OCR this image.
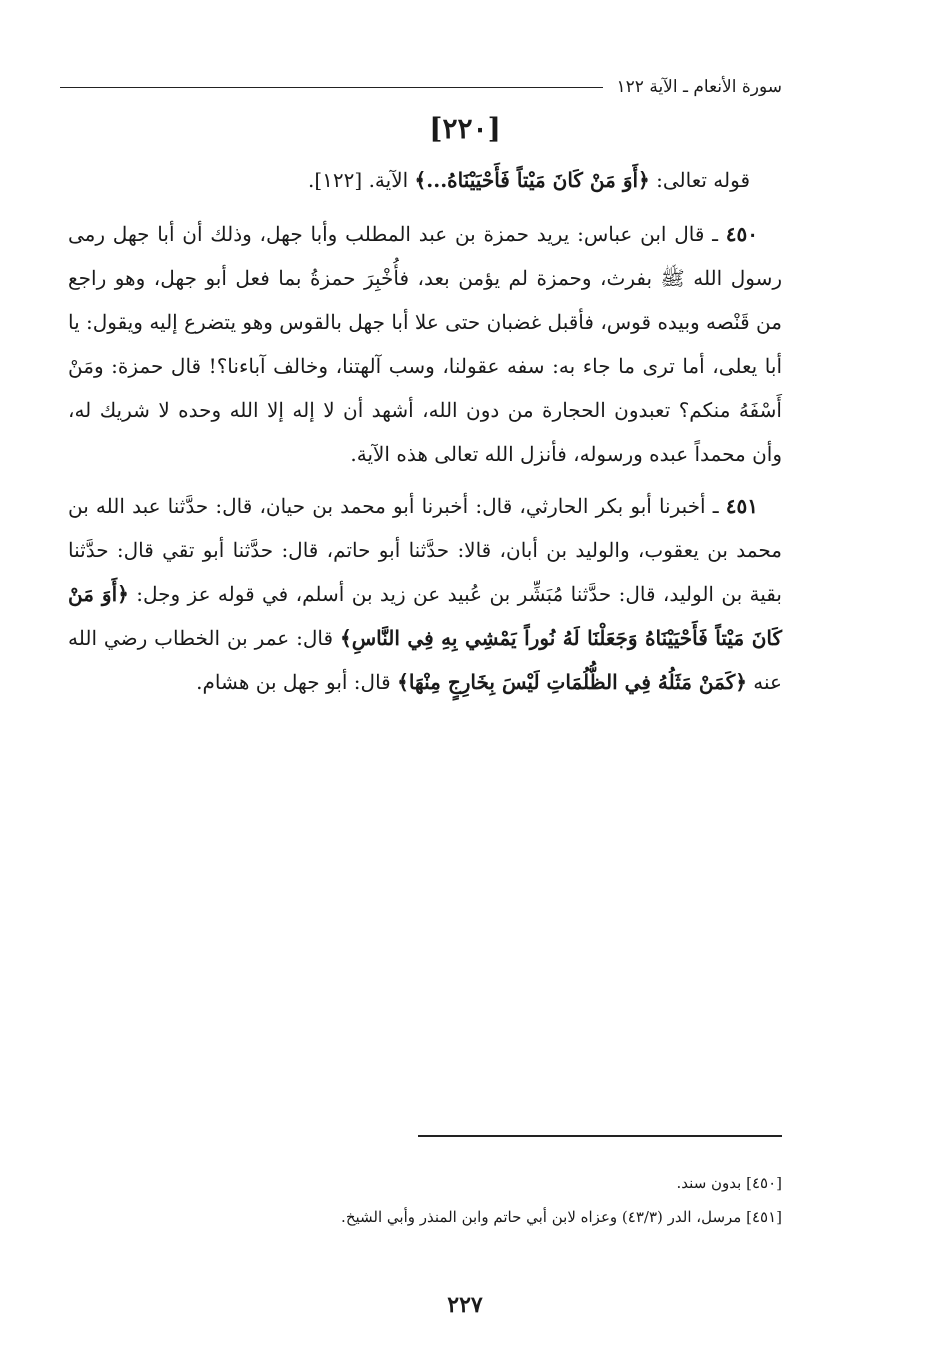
سورة الأنعام ـ الآية ١٢٢
[٢٢٠]

قوله تعالى: ﴿أَوَ مَنْ كَانَ مَيْتاً فَأَحْيَيْنَاهُ...﴾ الآية. [١٢٢].

٤٥٠ ـ قال ابن عباس: يريد حمزة بن عبد المطلب وأبا جهل، وذلك أن أبا جهل رمى رسول الله ﷺ بفرث، وحمزة لم يؤمن بعد، فأُخْبِرَ حمزةُ بما فعل أبو جهل، وهو راجع من قَنْصه وبيده قوس، فأقبل غضبان حتى علا أبا جهل بالقوس وهو يتضرع إليه ويقول: يا أبا يعلى، أما ترى ما جاء به: سفه عقولنا، وسب آلهتنا، وخالف آباءنا؟! قال حمزة: ومَنْ أَسْفَهُ منكم؟ تعبدون الحجارة من دون الله، أشهد أن لا إله إلا الله وحده لا شريك له، وأن محمداً عبده ورسوله، فأنزل الله تعالى هذه الآية.

٤٥١ ـ أخبرنا أبو بكر الحارثي، قال: أخبرنا أبو محمد بن حيان، قال: حدَّثنا عبد الله بن محمد بن يعقوب، والوليد بن أبان، قالا: حدَّثنا أبو حاتم، قال: حدَّثنا أبو تقي قال: حدَّثنا بقية بن الوليد، قال: حدَّثنا مُبَشِّر بن عُبيد عن زيد بن أسلم، في قوله عز وجل: ﴿أَوَ مَنْ كَانَ مَيْتاً فَأَحْيَيْنَاهُ وَجَعَلْنَا لَهُ نُوراً يَمْشِي بِهِ فِي النَّاسِ﴾ قال: عمر بن الخطاب رضي الله عنه ﴿كَمَنْ مَثَلُهُ فِي الظُّلُمَاتِ لَيْسَ بِخَارِجٍ مِنْهَا﴾ قال: أبو جهل بن هشام.

[٤٥٠] بدون سند.
[٤٥١] مرسل، الدر (٤٣/٣) وعزاه لابن أبي حاتم وابن المنذر وأبي الشيخ.
٢٢٧
